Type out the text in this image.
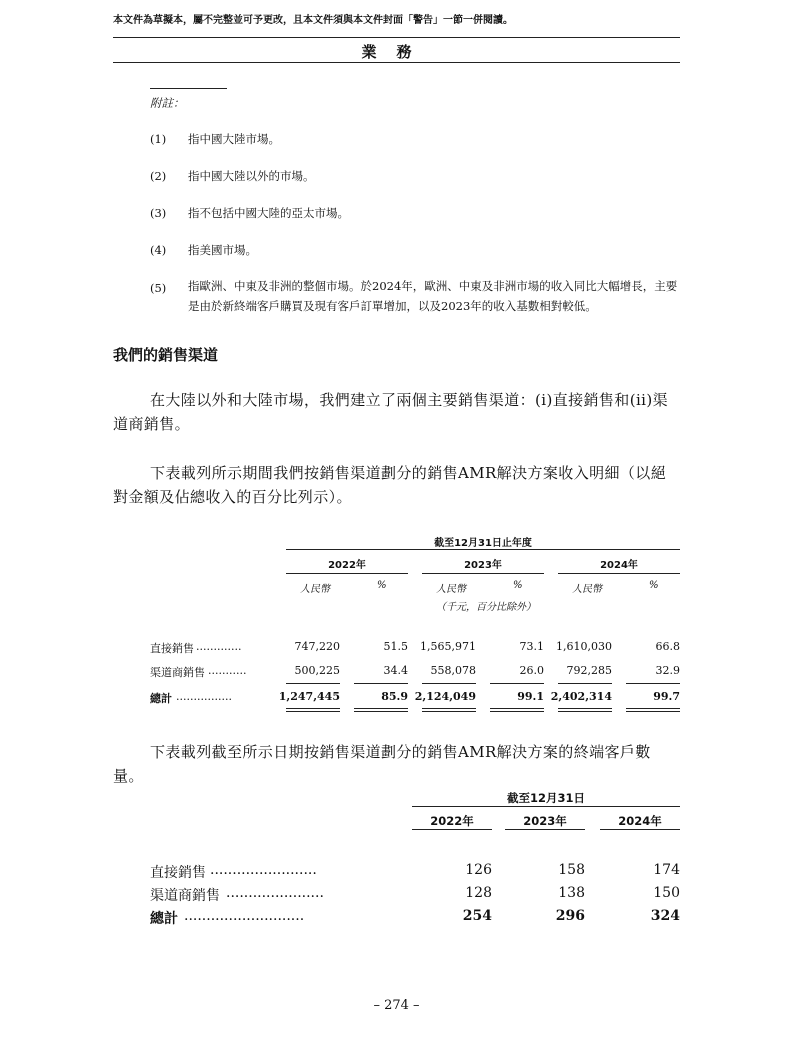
本文件為草擬本，屬不完整並可予更改，且本文件須與本文件封面「警告」一節一併閱讀。
業務
附註：
(1) 指中國大陸市場。
(2) 指中國大陸以外的市場。
(3) 指不包括中國大陸的亞太市場。
(4) 指美國市場。
(5) 指歐洲、中東及非洲的整個市場。於2024年，歐洲、中東及非洲市場的收入同比大幅增長，主要是由於新終端客戶購買及現有客戶訂單增加，以及2023年的收入基數相對較低。
我們的銷售渠道
在大陸以外和大陸市場，我們建立了兩個主要銷售渠道：(i)直接銷售和(ii)渠道商銷售。
下表載列所示期間我們按銷售渠道劃分的銷售AMR解決方案收入明細（以絕對金額及佔總收入的百分比列示）。
截至12月31日止年度
2022年	2023年	2024年
人民幣	%	人民幣	%	人民幣	%
（千元，百分比除外）
直接銷售 .............	747,220	51.5	1,565,971	73.1	1,610,030	66.8
渠道商銷售 ...........	500,225	34.4	558,078	26.0	792,285	32.9
總計 ................	1,247,445	85.9 2,124,049	99.1 2,402,314	99.7
下表載列截至所示日期按銷售渠道劃分的銷售AMR解決方案的終端客戶數量。
截至12月31日
2022年	2023年	2024年
直接銷售 ........................	126	158	174
渠道商銷售 ......................	128	138	150
總計 ...........................	254	296	324
– 274 –
